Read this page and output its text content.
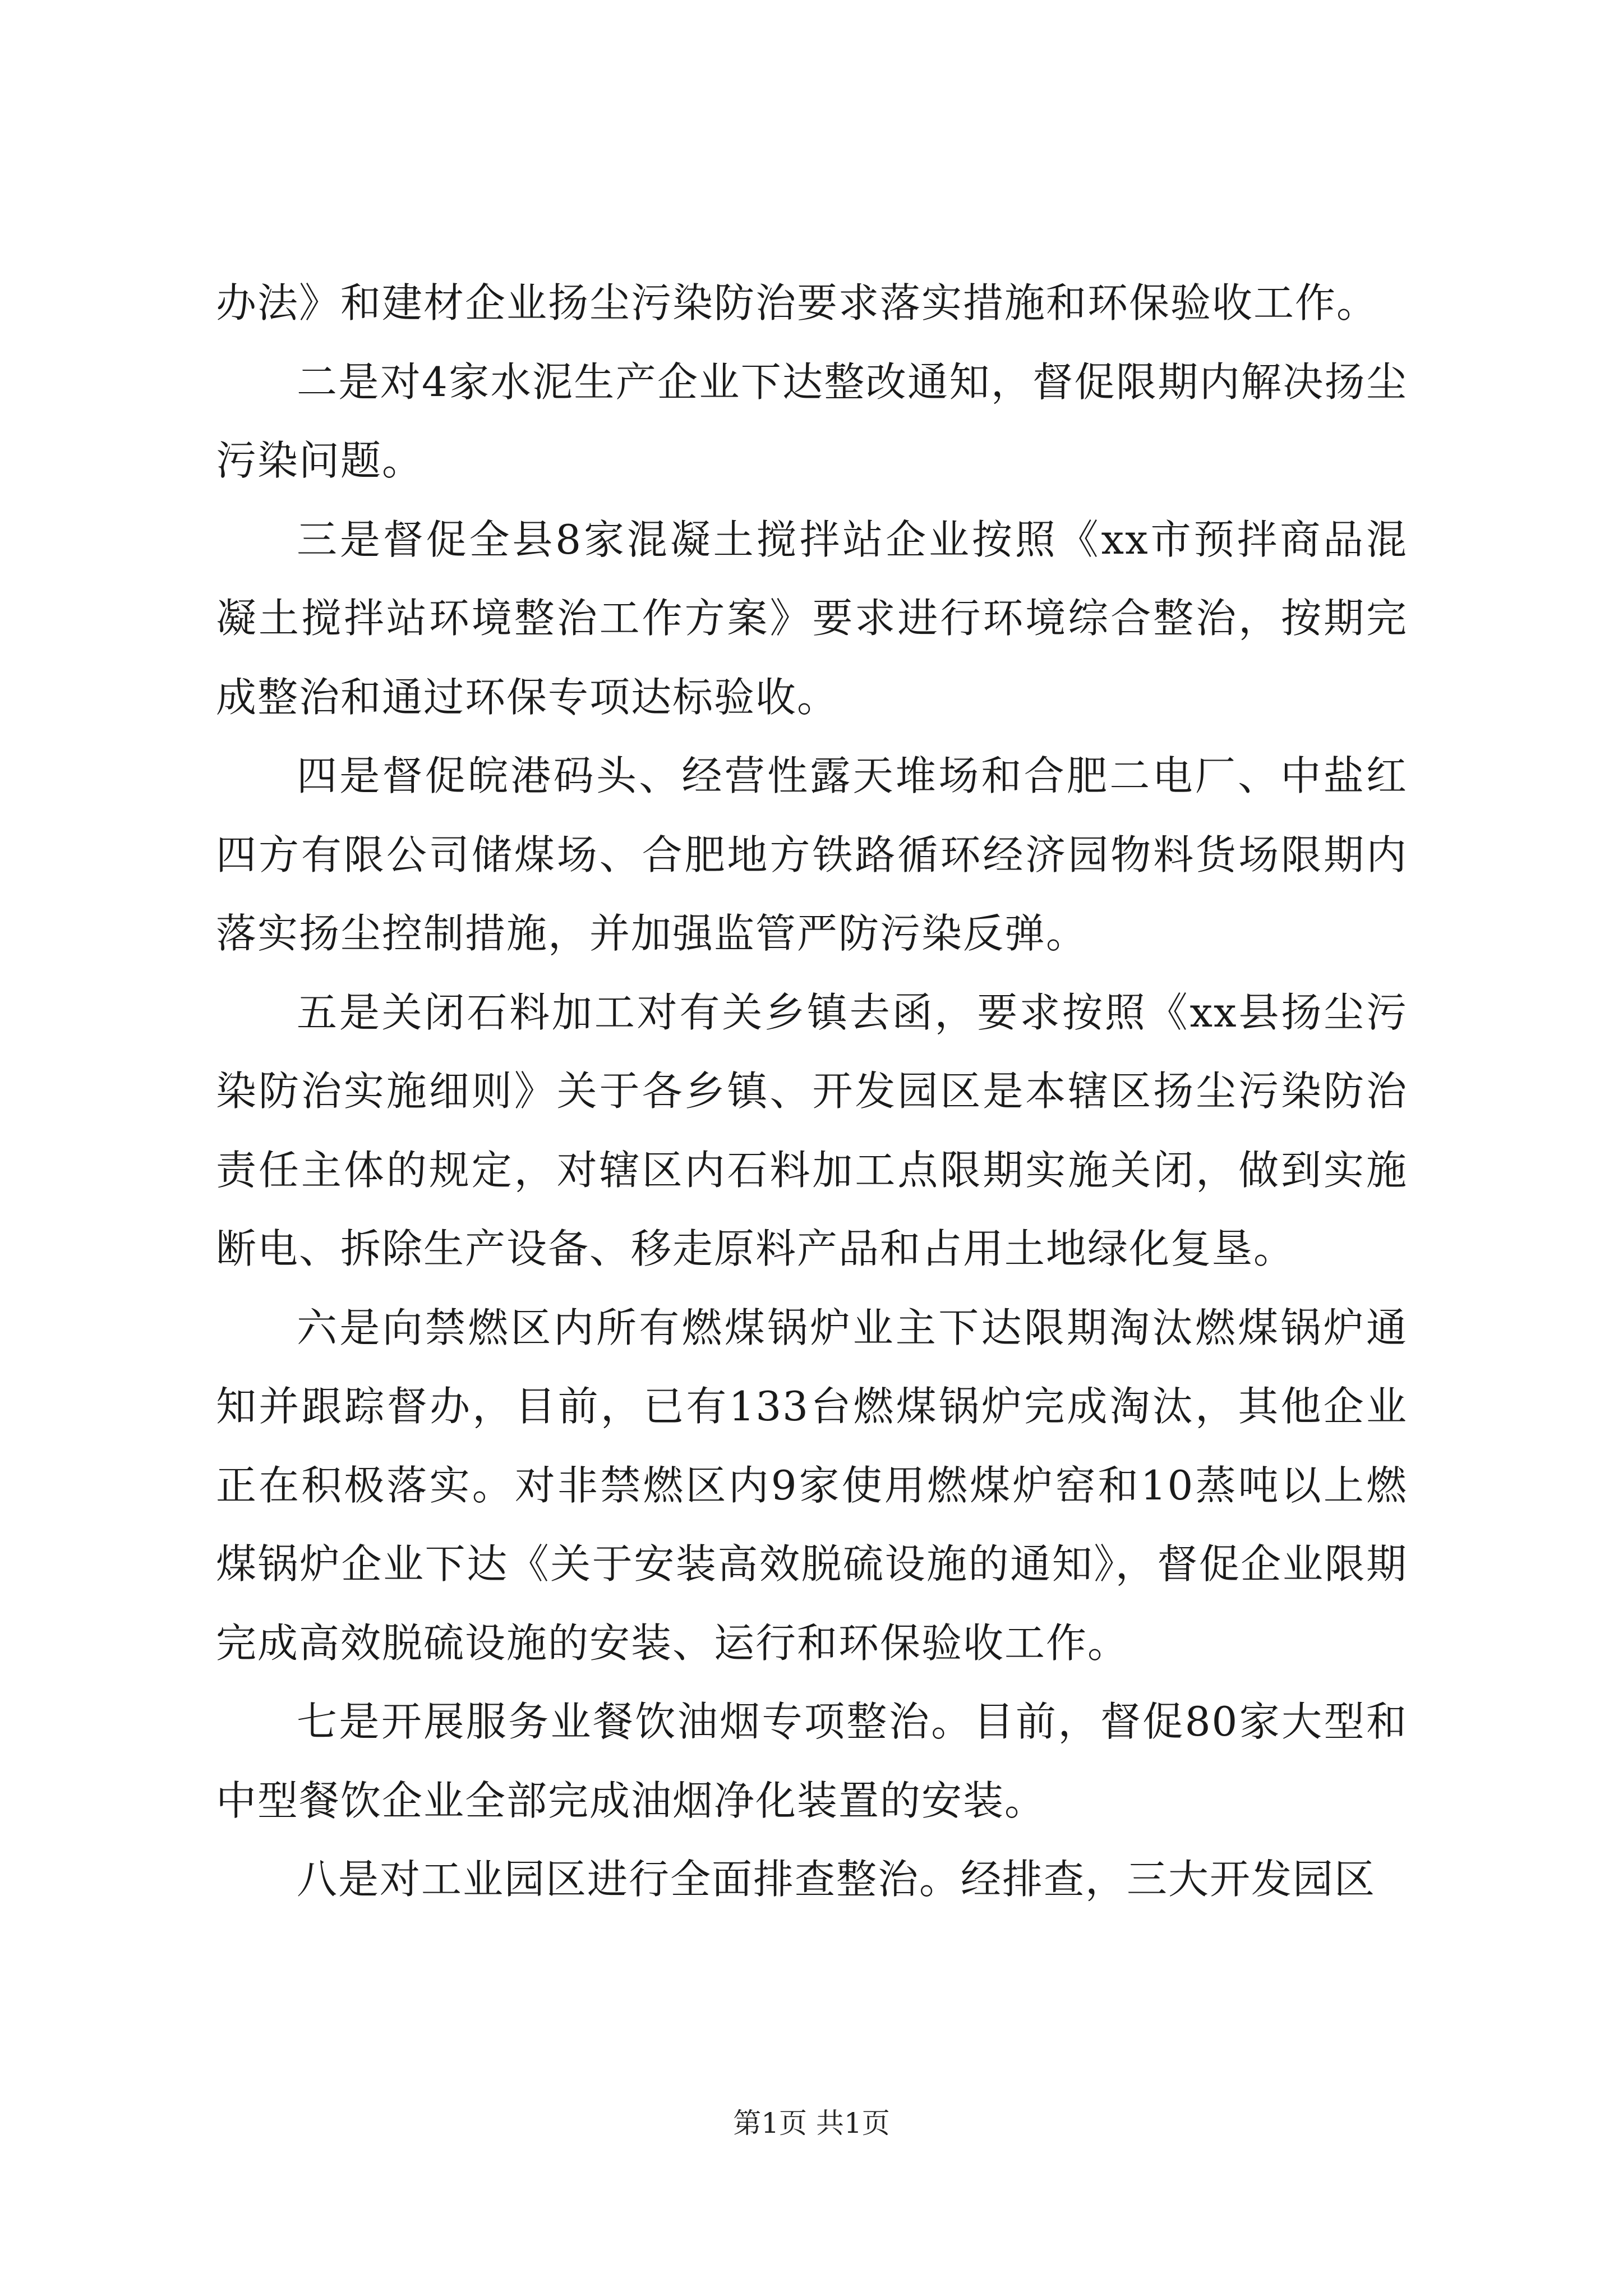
办法》和建材企业扬尘污染防治要求落实措施和环保验收工作。

二是对4家水泥生产企业下达整改通知，督促限期内解决扬尘污染问题。

三是督促全县8家混凝土搅拌站企业按照《xx市预拌商品混凝土搅拌站环境整治工作方案》要求进行环境综合整治，按期完成整治和通过环保专项达标验收。

四是督促皖港码头、经营性露天堆场和合肥二电厂、中盐红四方有限公司储煤场、合肥地方铁路循环经济园物料货场限期内落实扬尘控制措施，并加强监管严防污染反弹。

五是关闭石料加工对有关乡镇去函，要求按照《xx县扬尘污染防治实施细则》关于各乡镇、开发园区是本辖区扬尘污染防治责任主体的规定，对辖区内石料加工点限期实施关闭，做到实施断电、拆除生产设备、移走原料产品和占用土地绿化复垦。

六是向禁燃区内所有燃煤锅炉业主下达限期淘汰燃煤锅炉通知并跟踪督办，目前，已有133台燃煤锅炉完成淘汰，其他企业正在积极落实。对非禁燃区内9家使用燃煤炉窑和10蒸吨以上燃煤锅炉企业下达《关于安装高效脱硫设施的通知》，督促企业限期完成高效脱硫设施的安装、运行和环保验收工作。

七是开展服务业餐饮油烟专项整治。目前，督促80家大型和中型餐饮企业全部完成油烟净化装置的安装。

八是对工业园区进行全面排查整治。经排查，三大开发园区

第1页 共1页
